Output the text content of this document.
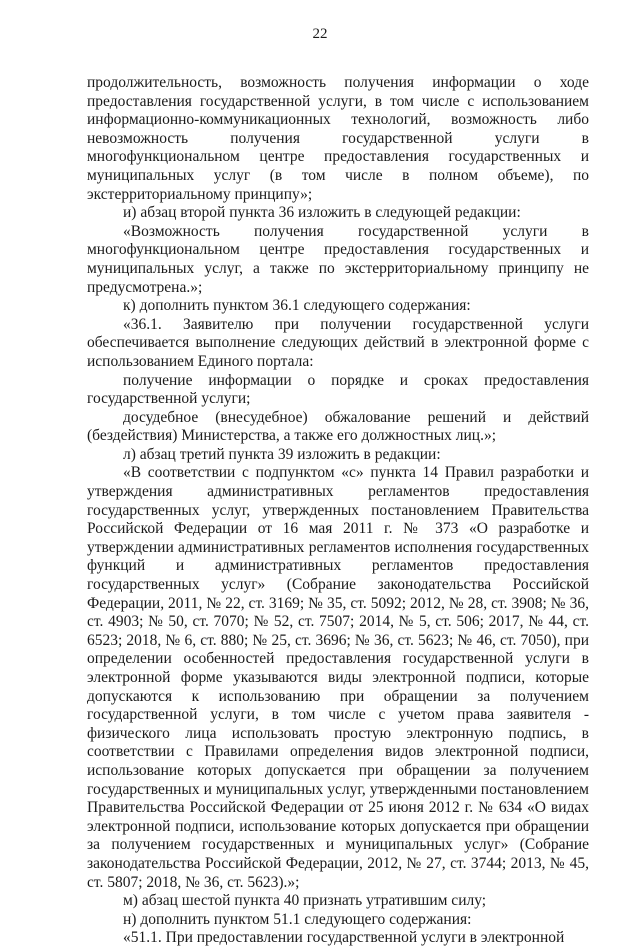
22

продолжительность, возможность получения информации о ходе предоставления государственной услуги, в том числе с использованием информационно-коммуникационных технологий, возможность либо невозможность получения государственной услуги в многофункциональном центре предоставления государственных и муниципальных услуг (в том числе в полном объеме), по экстерриториальному принципу»;

и) абзац второй пункта 36 изложить в следующей редакции:

«Возможность получения государственной услуги в многофункциональном центре предоставления государственных и муниципальных услуг, а также по экстерриториальному принципу не предусмотрена.»;

к) дополнить пунктом 36.1 следующего содержания:

«36.1. Заявителю при получении государственной услуги обеспечивается выполнение следующих действий в электронной форме с использованием Единого портала:

получение информации о порядке и сроках предоставления государственной услуги;

досудебное (внесудебное) обжалование решений и действий (бездействия) Министерства, а также его должностных лиц.»;

л) абзац третий пункта 39 изложить в редакции:

«В соответствии с подпунктом «с» пункта 14 Правил разработки и утверждения административных регламентов предоставления государственных услуг, утвержденных постановлением Правительства Российской Федерации от 16 мая 2011 г. № 373 «О разработке и утверждении административных регламентов исполнения государственных функций и административных регламентов предоставления государственных услуг» (Собрание законодательства Российской Федерации, 2011, № 22, ст. 3169; № 35, ст. 5092; 2012, № 28, ст. 3908; № 36, ст. 4903; № 50, ст. 7070; № 52, ст. 7507; 2014, № 5, ст. 506; 2017, № 44, ст. 6523; 2018, № 6, ст. 880; № 25, ст. 3696; № 36, ст. 5623; № 46, ст. 7050), при определении особенностей предоставления государственной услуги в электронной форме указываются виды электронной подписи, которые допускаются к использованию при обращении за получением государственной услуги, в том числе с учетом права заявителя - физического лица использовать простую электронную подпись, в соответствии с Правилами определения видов электронной подписи, использование которых допускается при обращении за получением государственных и муниципальных услуг, утвержденными постановлением Правительства Российской Федерации от 25 июня 2012 г. № 634 «О видах электронной подписи, использование которых допускается при обращении за получением государственных и муниципальных услуг» (Собрание законодательства Российской Федерации, 2012, № 27, ст. 3744; 2013, № 45, ст. 5807; 2018, № 36, ст. 5623).»;

м) абзац шестой пункта 40 признать утратившим силу;

н) дополнить пунктом 51.1 следующего содержания:

«51.1. При предоставлении государственной услуги в электронной
